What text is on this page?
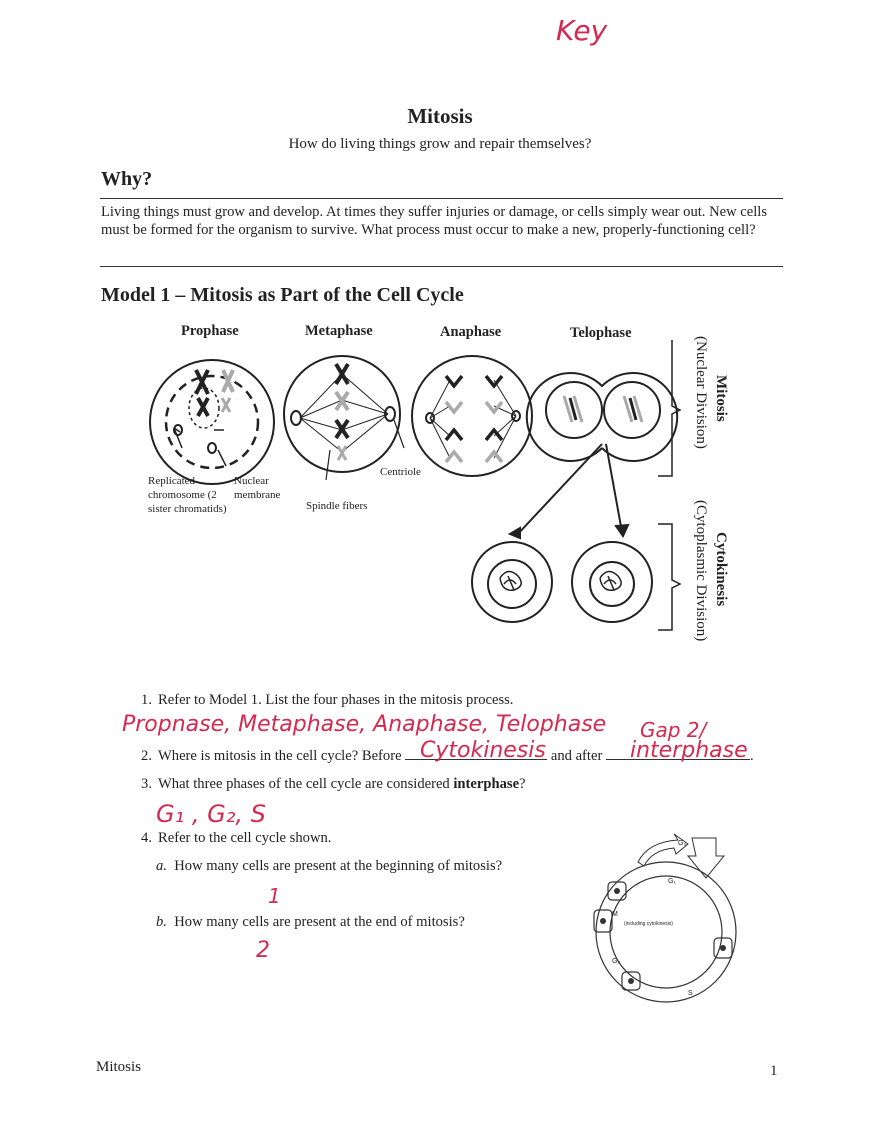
Key
Mitosis
How do living things grow and repair themselves?
Why?
Living things must grow and develop. At times they suffer injuries or damage, or cells simply wear out. New cells must be formed for the organism to survive. What process must occur to make a new, properly-functioning cell?
Model 1 – Mitosis as Part of the Cell Cycle
Prophase	Metaphase	Anaphase	Telophase
Replicated chromosome (2 sister chromatids)
Nuclear membrane
Spindle fibers
Centriole
Mitosis
(Nuclear Division)
Cytokinesis
(Cytoplasmic Division)
1. Refer to Model 1. List the four phases in the mitosis process.
Propnase, Metaphase, Anaphase, Telophase Gap 2/
2. Where is mitosis in the cell cycle? Before	and after	.
Cytokinesis	interphase
3. What three phases of the cell cycle are considered interphase?
G₁ , G₂, S
4. Refer to the cell cycle shown.
a. How many cells are present at the beginning of mitosis?
1
b. How many cells are present at the end of mitosis?
2
G₀
G₁
M
(including cytokinesis)
G₂
S
Mitosis	1
